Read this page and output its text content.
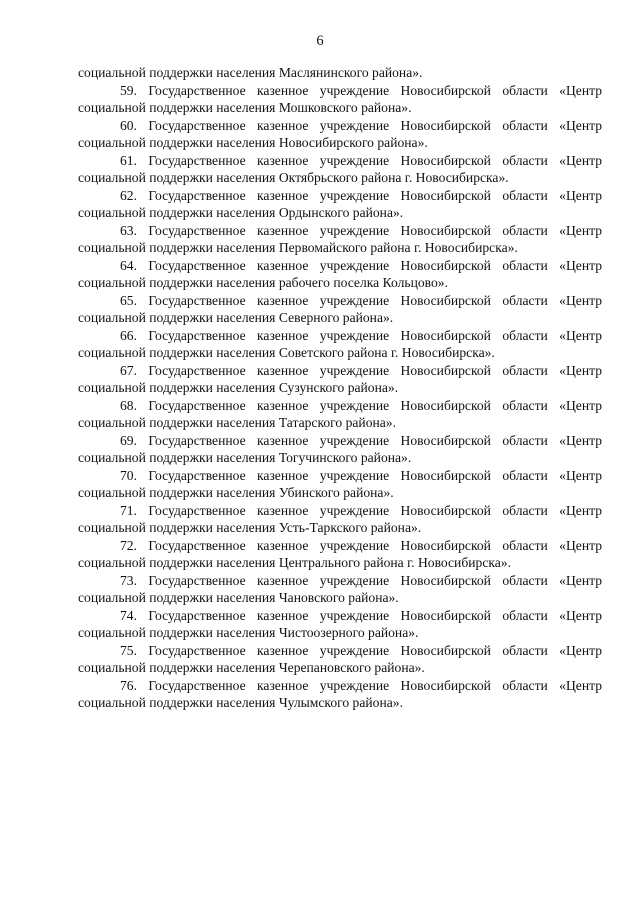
6
социальной поддержки населения Маслянинского района».
59. Государственное казенное учреждение Новосибирской области «Центр
социальной поддержки населения Мошковского района».
60. Государственное казенное учреждение Новосибирской области «Центр
социальной поддержки населения Новосибирского района».
61. Государственное казенное учреждение Новосибирской области «Центр
социальной поддержки населения Октябрьского района г. Новосибирска».
62. Государственное казенное учреждение Новосибирской области «Центр
социальной поддержки населения Ордынского района».
63. Государственное казенное учреждение Новосибирской области «Центр
социальной поддержки населения Первомайского района г. Новосибирска».
64. Государственное казенное учреждение Новосибирской области «Центр
социальной поддержки населения рабочего поселка Кольцово».
65. Государственное казенное учреждение Новосибирской области «Центр
социальной поддержки населения Северного района».
66. Государственное казенное учреждение Новосибирской области «Центр
социальной поддержки населения Советского района г. Новосибирска».
67. Государственное казенное учреждение Новосибирской области «Центр
социальной поддержки населения Сузунского района».
68. Государственное казенное учреждение Новосибирской области «Центр
социальной поддержки населения Татарского района».
69. Государственное казенное учреждение Новосибирской области «Центр
социальной поддержки населения Тогучинского района».
70. Государственное казенное учреждение Новосибирской области «Центр
социальной поддержки населения Убинского района».
71. Государственное казенное учреждение Новосибирской области «Центр
социальной поддержки населения Усть-Таркского района».
72. Государственное казенное учреждение Новосибирской области «Центр
социальной поддержки населения Центрального района г. Новосибирска».
73. Государственное казенное учреждение Новосибирской области «Центр
социальной поддержки населения Чановского района».
74. Государственное казенное учреждение Новосибирской области «Центр
социальной поддержки населения Чистоозерного района».
75. Государственное казенное учреждение Новосибирской области «Центр
социальной поддержки населения Черепановского района».
76. Государственное казенное учреждение Новосибирской области «Центр
социальной поддержки населения Чулымского района».
